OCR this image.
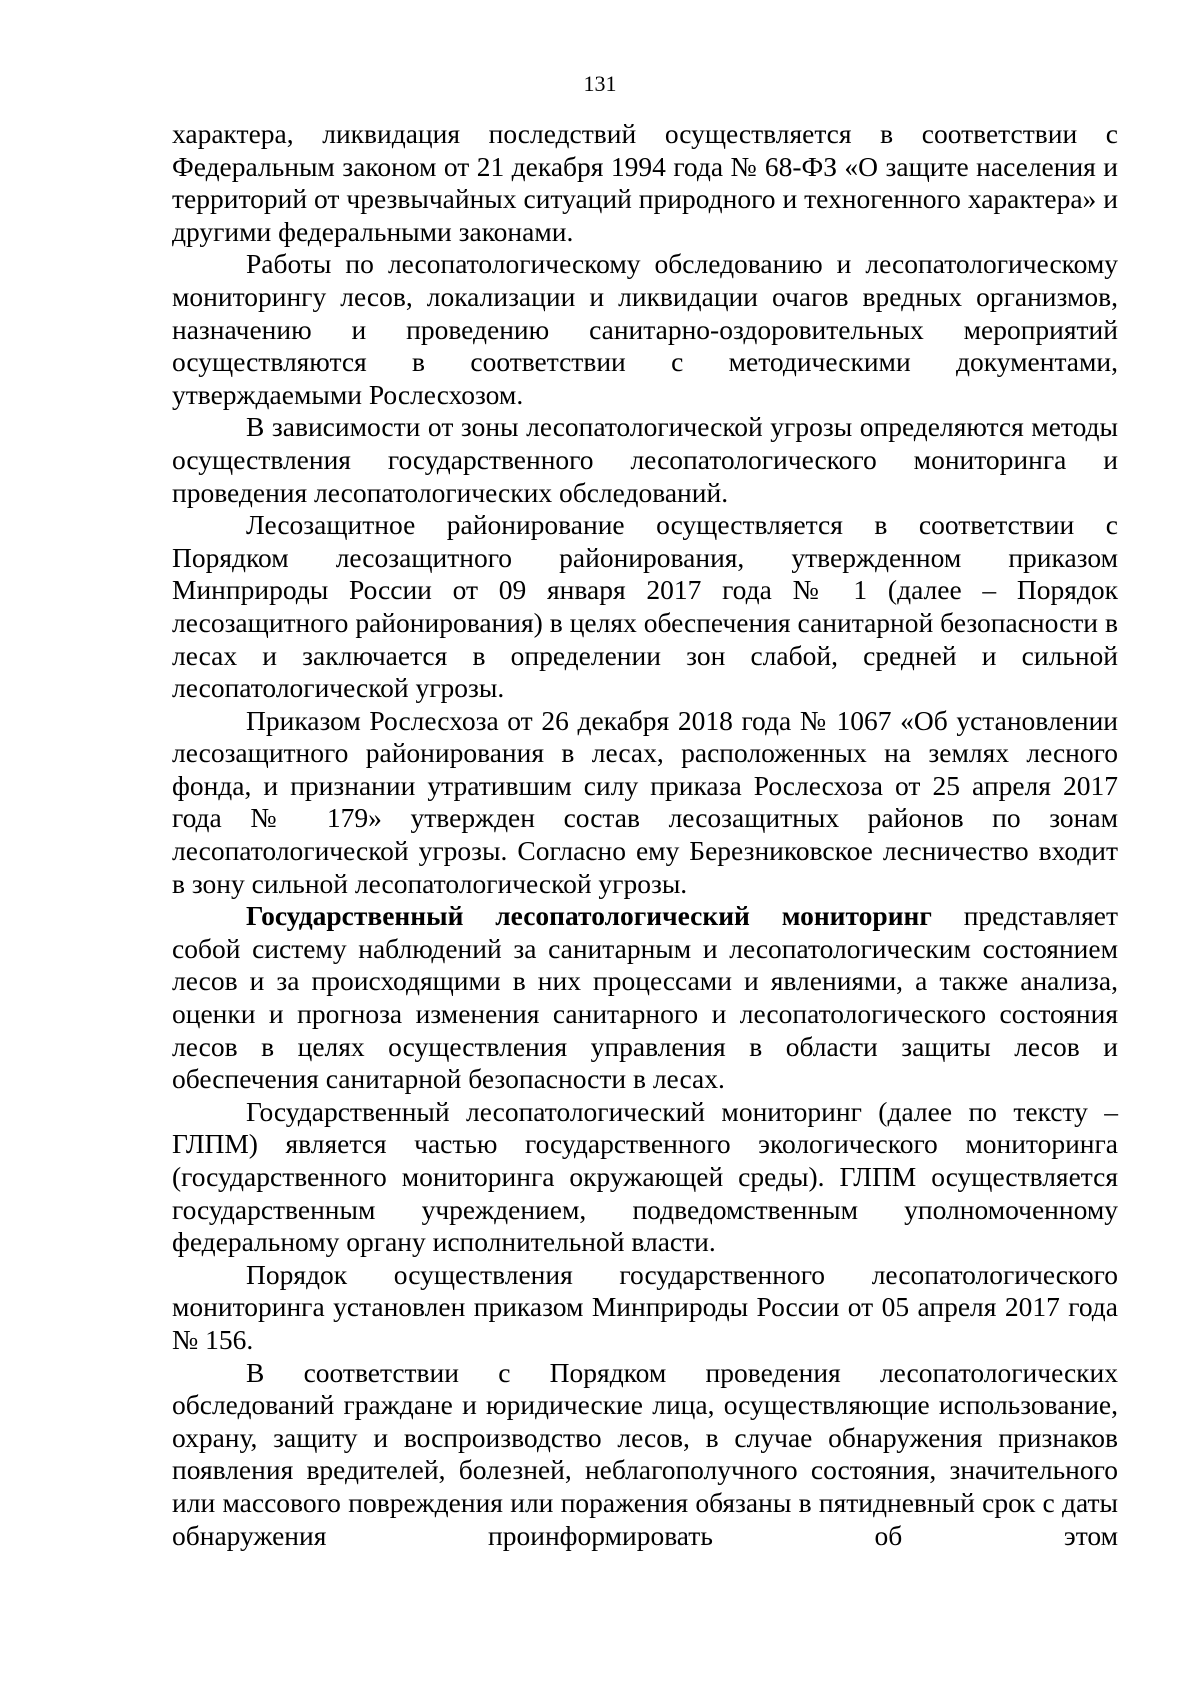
131

характера, ликвидация последствий осуществляется в соответствии с Федеральным законом от 21 декабря 1994 года № 68-ФЗ «О защите населения и территорий от чрезвычайных ситуаций природного и техногенного характера» и другими федеральными законами.

Работы по лесопатологическому обследованию и лесопатологическому мониторингу лесов, локализации и ликвидации очагов вредных организмов, назначению и проведению санитарно-оздоровительных мероприятий осуществляются в соответствии с методическими документами, утверждаемыми Рослесхозом.

В зависимости от зоны лесопатологической угрозы определяются методы осуществления государственного лесопатологического мониторинга и проведения лесопатологических обследований.

Лесозащитное районирование осуществляется в соответствии с Порядком лесозащитного районирования, утвержденном приказом Минприроды России от 09 января 2017 года № 1 (далее – Порядок лесозащитного районирования) в целях обеспечения санитарной безопасности в лесах и заключается в определении зон слабой, средней и сильной лесопатологической угрозы.

Приказом Рослесхоза от 26 декабря 2018 года № 1067 «Об установлении лесозащитного районирования в лесах, расположенных на землях лесного фонда, и признании утратившим силу приказа Рослесхоза от 25 апреля 2017 года № 179» утвержден состав лесозащитных районов по зонам лесопатологической угрозы. Согласно ему Березниковское лесничество входит в зону сильной лесопатологической угрозы.

Государственный лесопатологический мониторинг представляет собой систему наблюдений за санитарным и лесопатологическим состоянием лесов и за происходящими в них процессами и явлениями, а также анализа, оценки и прогноза изменения санитарного и лесопатологического состояния лесов в целях осуществления управления в области защиты лесов и обеспечения санитарной безопасности в лесах.

Государственный лесопатологический мониторинг (далее по тексту – ГЛПМ) является частью государственного экологического мониторинга (государственного мониторинга окружающей среды). ГЛПМ осуществляется государственным учреждением, подведомственным уполномоченному федеральному органу исполнительной власти.

Порядок осуществления государственного лесопатологического мониторинга установлен приказом Минприроды России от 05 апреля 2017 года № 156.

В соответствии с Порядком проведения лесопатологических обследований граждане и юридические лица, осуществляющие использование, охрану, защиту и воспроизводство лесов, в случае обнаружения признаков появления вредителей, болезней, неблагополучного состояния, значительного или массового повреждения или поражения обязаны в пятидневный срок с даты обнаружения проинформировать об этом
